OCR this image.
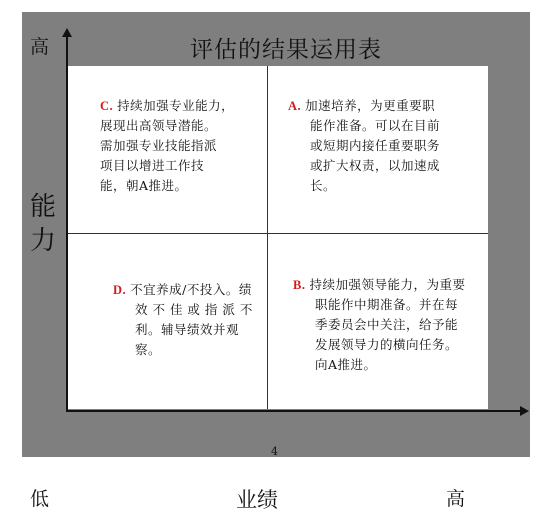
评估的结果运用表

C. 持续加强专业能力，

展现出高领导潜能。

需加强专业技能指派

项目以增进工作技

能，朝A推进。

A. 加速培养，为更重要职

能作准备。可以在目前

或短期内接任重要职务

或扩大权责，以加速成

长。

D. 不宜养成/不投入。绩

效 不 佳 或 指 派 不

利。辅导绩效并观

察。

B. 持续加强领导能力，为重要

职能作中期准备。并在每

季委员会中关注，给予能

发展领导力的横向任务。

向A推进。

高
能力
4
低	业绩	高
